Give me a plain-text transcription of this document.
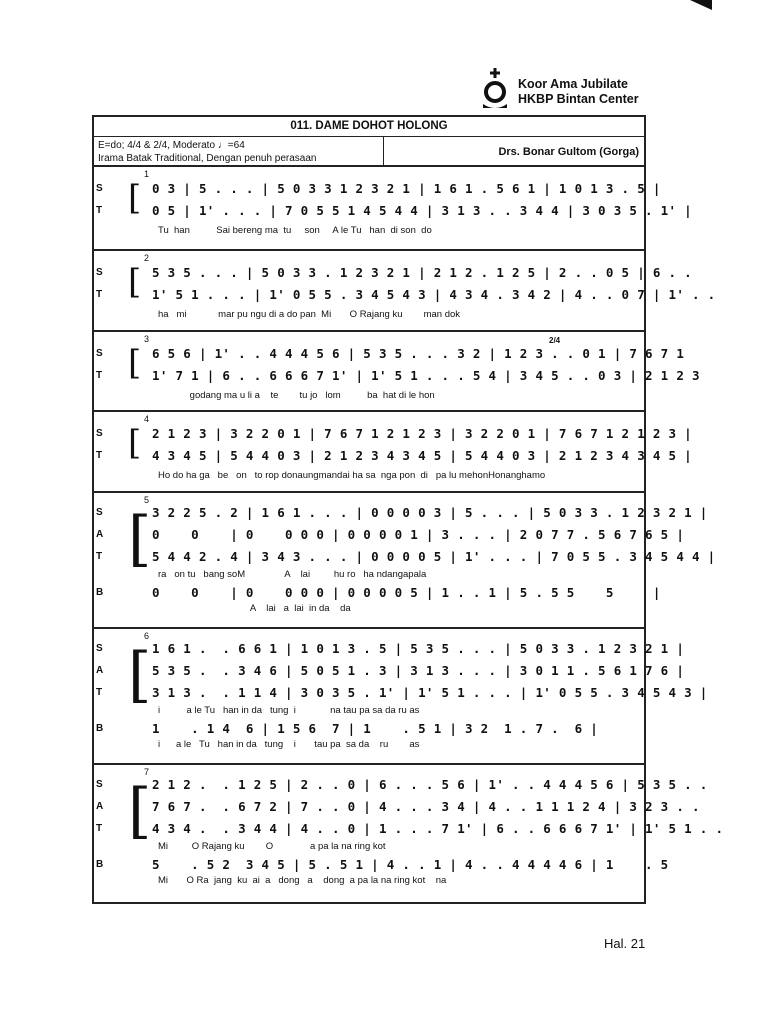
Koor Ama Jubilate
HKBP Bintan Center
011. DAME DOHOT HOLONG
E=do; 4/4 & 2/4, Moderato ♩=64
Irama Batak Traditional, Dengan penuh perasaan
Drs. Bonar Gultom (Gorga)
1
S	0 3 | 5 . . . | 5 0 3 3 1 2 3 2 1 | 1 6 1 . 5 6 1 | 1 0 1 3 . 5 |
T	0 5 | 1' . . . | 7 0 5 5 1 4 5 4 4 | 3 1 3 . . 3 4 4 | 3 0 3 5 . 1' |
[
Tu  han          Sai bereng ma  tu     son     A le Tu   han  di son  do
2
S	5 3 5 . . . | 5 0 3 3 . 1 2 3 2 1 | 2 1 2 . 1 2 5 | 2 . . 0 5 | 6 . .
T	1' 5 1 . . . | 1' 0 5 5 . 3 4 5 4 3 | 4 3 4 . 3 4 2 | 4 . . 0 7 | 1' . .
[
ha   mi            mar pu ngu di a do pan  Mi       O Rajang ku        man dok
3	2/4
S	6 5 6 | 1' . . 4 4 4 5 6 | 5 3 5 . . . 3 2 | 1 2 3 . . 0 1 | 7 6 7 1
T	1' 7 1 | 6 . . 6 6 6 7 1' | 1' 5 1 . . . 5 4 | 3 4 5 . . 0 3 | 2 1 2 3
[
godang ma u li a    te        tu jo   lom          ba  hat di le hon
4
S	2 1 2 3 | 3 2 2 0 1 | 7 6 7 1 2 1 2 3 | 3 2 2 0 1 | 7 6 7 1 2 1 2 3 |
T	4 3 4 5 | 5 4 4 0 3 | 2 1 2 3 4 3 4 5 | 5 4 4 0 3 | 2 1 2 3 4 3 4 5 |
[
Ho do ha ga   be   on   to rop donaungmandai ha sa  nga pon  di   pa lu mehonHonanghamo
5
S	3 2 2 5 . 2 | 1 6 1 . . . | 0 0 0 0 3 | 5 . . . | 5 0 3 3 . 1 2 3 2 1 |
A	0    0    | 0    0 0 0 | 0 0 0 0 1 | 3 . . . | 2 0 7 7 . 5 6 7 6 5 |
T	5 4 4 2 . 4 | 3 4 3 . . . | 0 0 0 0 5 | 1' . . . | 7 0 5 5 . 3 4 5 4 4 |
B	0    0    | 0    0 0 0 | 0 0 0 0 5 | 1 . . 1 | 5 . 5 5    5     |
[
ra   on tu   bang soM               A    lai         hu ro   ha ndangapala
A    lai   a  lai  in da    da
6
S	1 6 1 .  . 6 6 1 | 1 0 1 3 . 5 | 5 3 5 . . . | 5 0 3 3 . 1 2 3 2 1 |
A	5 3 5 .  . 3 4 6 | 5 0 5 1 . 3 | 3 1 3 . . . | 3 0 1 1 . 5 6 1 7 6 |
T	3 1 3 .  . 1 1 4 | 3 0 3 5 . 1' | 1' 5 1 . . . | 1' 0 5 5 . 3 4 5 4 3 |
B	1    . 1 4  6 | 1 5 6  7 | 1    . 5 1 | 3 2  1 . 7 .  6 |
[
i          a le Tu   han in da   tung  i             na tau pa sa da ru as
i      a le   Tu   han in da   tung    i       tau pa  sa da    ru        as
7
S	2 1 2 .  . 1 2 5 | 2 . . 0 | 6 . . . 5 6 | 1' . . 4 4 4 5 6 | 5 3 5 . .
A	7 6 7 .  . 6 7 2 | 7 . . 0 | 4 . . . 3 4 | 4 . . 1 1 1 2 4 | 3 2 3 . .
T	4 3 4 .  . 3 4 4 | 4 . . 0 | 1 . . . 7 1' | 6 . . 6 6 6 7 1' | 1' 5 1 . .
B	5    . 5 2  3 4 5 | 5 . 5 1 | 4 . . 1 | 4 . . 4 4 4 4 6 | 1    . 5
[
Mi         O Rajang ku        O              a pa la na ring kot
Mi       O Ra  jang  ku  ai  a   dong   a    dong  a pa la na ring kot    na
Hal. 21
